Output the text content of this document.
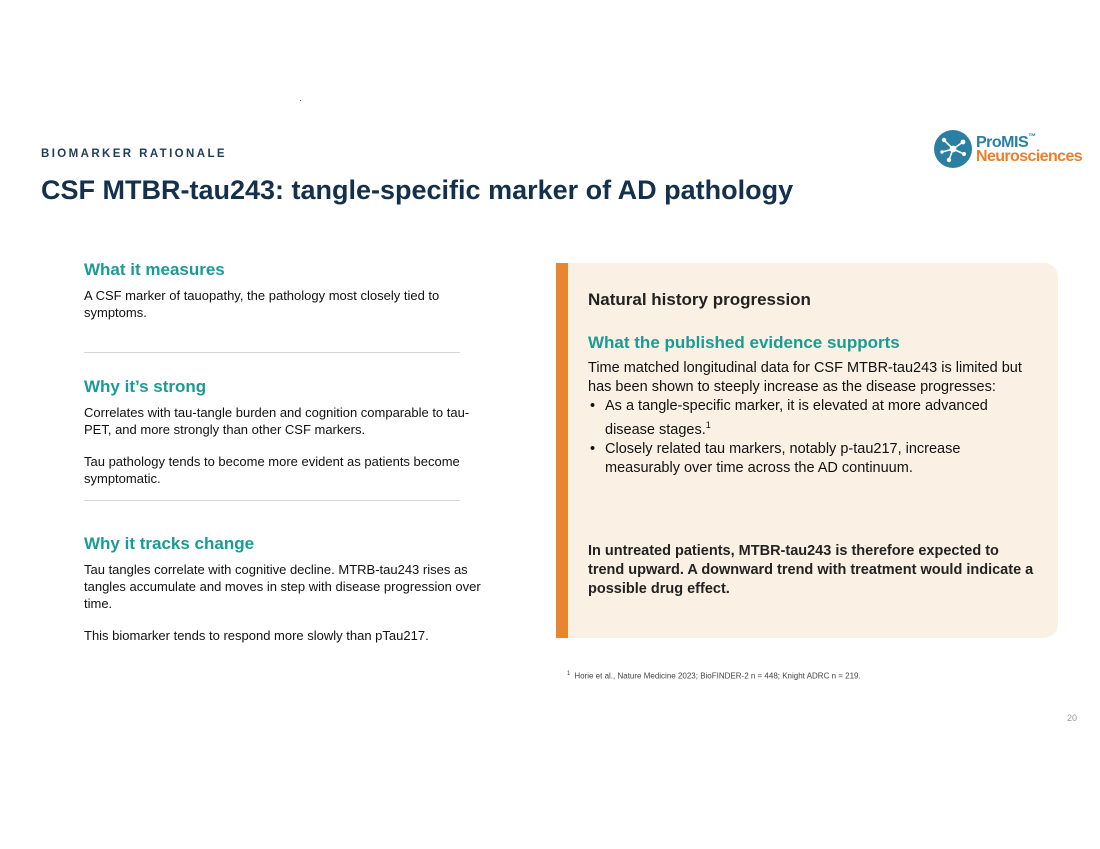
BIOMARKER RATIONALE
CSF MTBR-tau243: tangle-specific marker of AD pathology
ProMIS™
Neurosciences
What it measures

A CSF marker of tauopathy, the pathology most closely tied to symptoms.

Why it’s strong

Correlates with tau-tangle burden and cognition comparable to tau-PET, and more strongly than other CSF markers.

Tau pathology tends to become more evident as patients become symptomatic.

Why it tracks change

Tau tangles correlate with cognitive decline. MTRB-tau243 rises as tangles accumulate and moves in step with disease progression over time.

This biomarker tends to respond more slowly than pTau217.

Natural history progression
What the published evidence supports

Time matched longitudinal data for CSF MTBR-tau243 is limited but has been shown to steeply increase as the disease progresses:

• As a tangle-specific marker, it is elevated at more advanced disease stages.$^1$
• Closely related tau markers, notably p-tau217, increase measurably over time across the AD continuum.

In untreated patients, MTBR-tau243 is therefore expected to trend upward. A downward trend with treatment would indicate a possible drug effect.

$^1$ Horie et al., Nature Medicine 2023; BioFINDER-2 n = 448; Knight ADRC n = 219.
20
